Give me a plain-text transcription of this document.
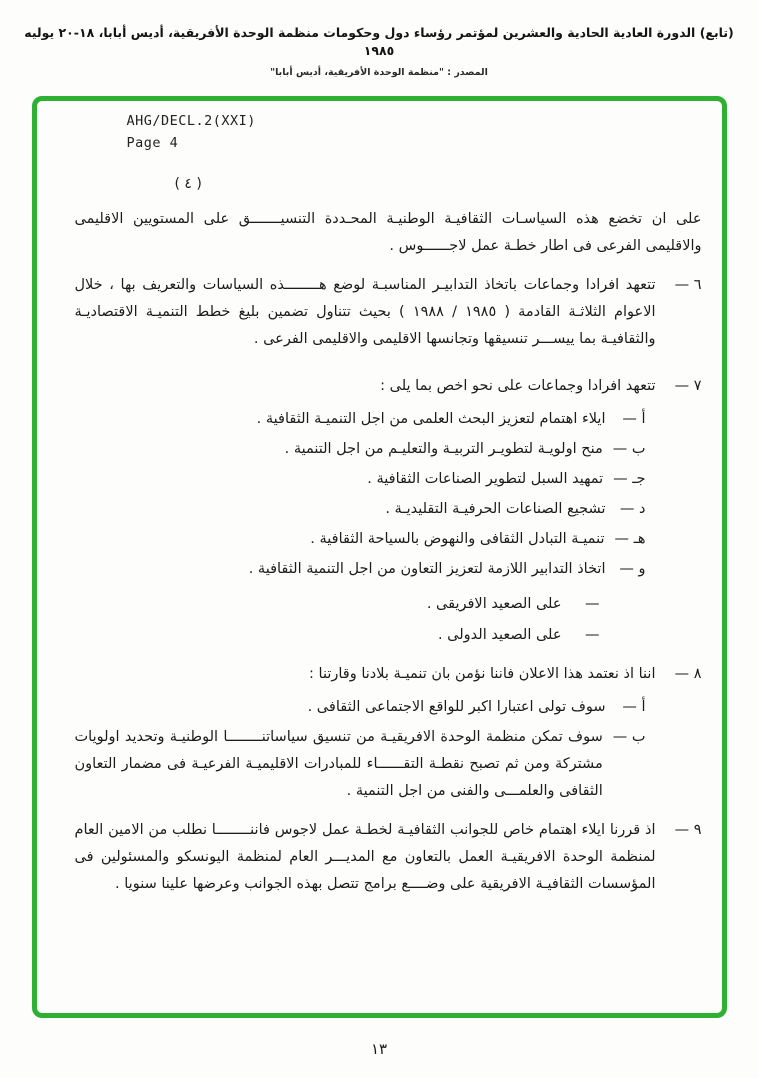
(تابع) الدورة العادية الحادية والعشرين لمؤتمر رؤساء دول وحكومات منظمة الوحدة الأفريقية، أديس أبابا، ١٨-٢٠ يوليه ١٩٨٥
المصدر : "منظمة الوحدة الأفريقية، أديس أبابا"
AHG/DECL.2(XXI)
Page 4
( ٤ )

على ان تخضع هذه السياسـات الثقافيـة الوطنيـة المحـددة التنسيـــــــق على المستويين الاقليمى والاقليمى الفرعى فى اطار خطـة عمل لاجــــــوس .

٦ —
تتعهد افرادا وجماعات باتخاذ التدابيـر المناسبـة لوضع هــــــــذه السياسات والتعريف بها ، خلال الاعوام الثلاثـة القادمة ( ١٩٨٥ / ١٩٨٨ ) بحيث تتناول تضمين بليغ خطط التنميـة الاقتصاديـة والثقافيـة بما ييســـر تنسيقها وتجانسها الاقليمى والاقليمى الفرعى .
٧ —
تتعهد افرادا وجماعات على نحو اخص بما يلى :
أ —
ايلاء اهتمام لتعزيز البحث العلمى من اجل التنميـة الثقافية .
ب —
منح اولويـة لتطويـر التربيـة والتعليـم من اجل التنمية .
جـ —
تمهيد السبل لتطوير الصناعات الثقافية .
د —
تشجيع الصناعات الحرفيـة التقليديـة .
هـ —
تنميـة التبادل الثقافى والنهوض بالسياحة الثقافية .
و —
اتخاذ التدابير اللازمة لتعزيز التعاون من اجل التنمية الثقافية .
—
على الصعيد الافريقى .
—
على الصعيد الدولى .
٨ —
اننا اذ نعتمد هذا الاعلان فاننا نؤمن بان تنميـة بلادنا وقارتنا :
أ —
سوف تولى اعتبارا اكبر للواقع الاجتماعى الثقافى .
ب —
سوف تمكن منظمة الوحدة الافريقيـة من تنسيق سياساتنــــــــا الوطنيـة وتحديد اولويات مشتركة ومن ثم تصبح نقطـة التقــــــاء للمبادرات الاقليميـة الفرعيـة فى مضمار التعاون الثقافى والعلمـــى والفنى من اجل التنمية .
٩ —
اذ قررنا ايلاء اهتمام خاص للجوانب الثقافيـة لخطـة عمل لاجوس فاننــــــــا نطلب من الامين العام لمنظمة الوحدة الافريقيـة العمل بالتعاون مع المديـــر العام لمنظمة اليونسكو والمسئولين فى المؤسسات الثقافيـة الافريقية على وضــــع برامج تتصل بهذه الجوانب وعرضها علينا سنويا .
١٣
